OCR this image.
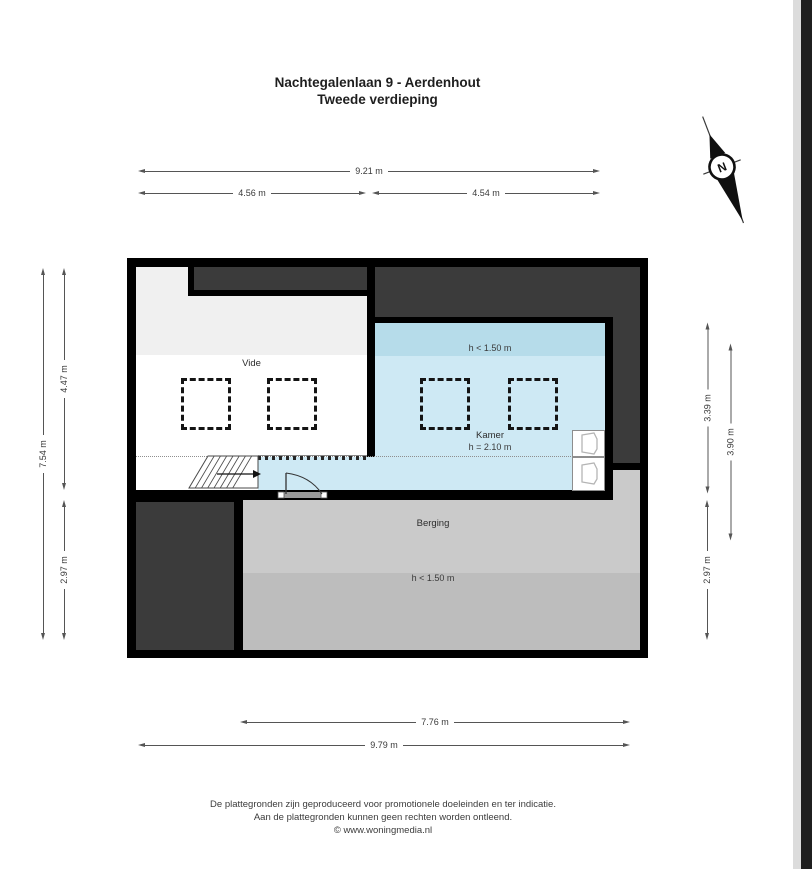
Nachtegalenlaan 9 - Aerdenhout
Tweede verdieping
N
9.21 m
4.56 m	4.54 m
7.54 m
4.47 m
2.97 m
3.39 m
3.90 m
2.97 m
7.76 m
9.79 m
Vide
h < 1.50 m
Kamer
h = 2.10 m
Berging
h < 1.50 m
De plattegronden zijn geproduceerd voor promotionele doeleinden en ter indicatie.
Aan de plattegronden kunnen geen rechten worden ontleend.
© www.woningmedia.nl
